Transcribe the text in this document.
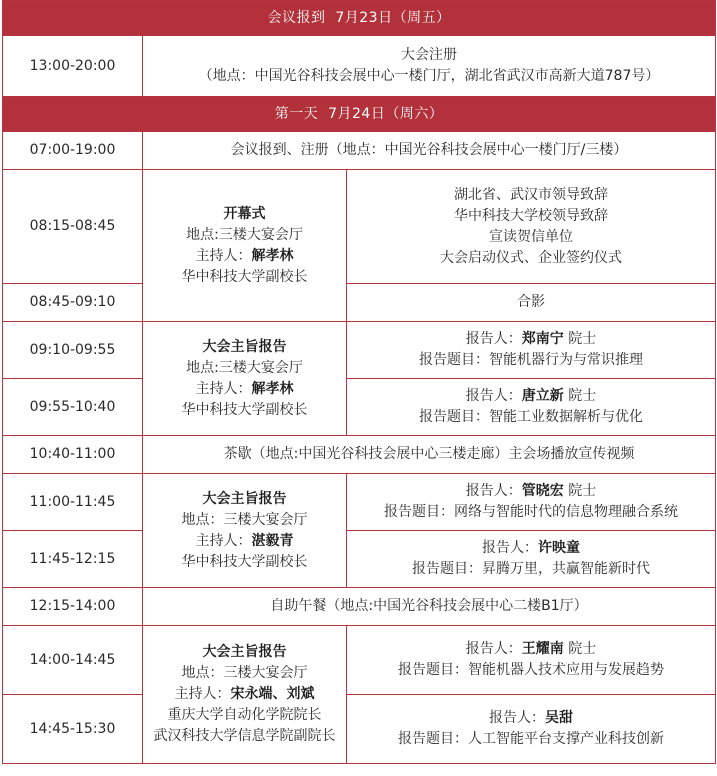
会议报到  7月23日（周五）		
13:00-20:00	大会注册
（地点：中国光谷科技会展中心一楼门厅，湖北省武汉市高新大道787号）	

第一天  7月24日（周六）		
07:00-19:00	会议报到、注册（地点：中国光谷科技会展中心一楼门厅/三楼）	
08:15-08:45	开幕式
地点:三楼大宴会厅
主持人：解孝林
华中科技大学副校长	湖北省、武汉市领导致辞
华中科技大学校领导致辞
宣读贺信单位
大会启动仪式、企业签约仪式

08:45-09:10		合影
09:10-09:55	大会主旨报告
地点:三楼大宴会厅
主持人：解孝林
华中科技大学副校长	报告人：郑南宁 院士
报告题目：智能机器行为与常识推理

09:55-10:40		报告人：唐立新 院士
报告题目：智能工业数据解析与优化

10:40-11:00	茶歇（地点:中国光谷科技会展中心三楼走廊）主会场播放宣传视频	
11:00-11:45	大会主旨报告
地点：三楼大宴会厅
主持人：湛毅青
华中科技大学副校长	报告人：管晓宏 院士
报告题目：网络与智能时代的信息物理融合系统

11:45-12:15		报告人：许映童
报告题目：昇腾万里，共赢智能新时代

12:15-14:00	自助午餐（地点:中国光谷科技会展中心二楼B1厅）	
14:00-14:45	大会主旨报告
地点：三楼大宴会厅
主持人：宋永端、刘斌
重庆大学自动化学院院长
武汉科技大学信息学院副院长	报告人：王耀南 院士
报告题目：智能机器人技术应用与发展趋势

14:45-15:30		报告人：吴甜
报告题目：人工智能平台支撑产业科技创新
